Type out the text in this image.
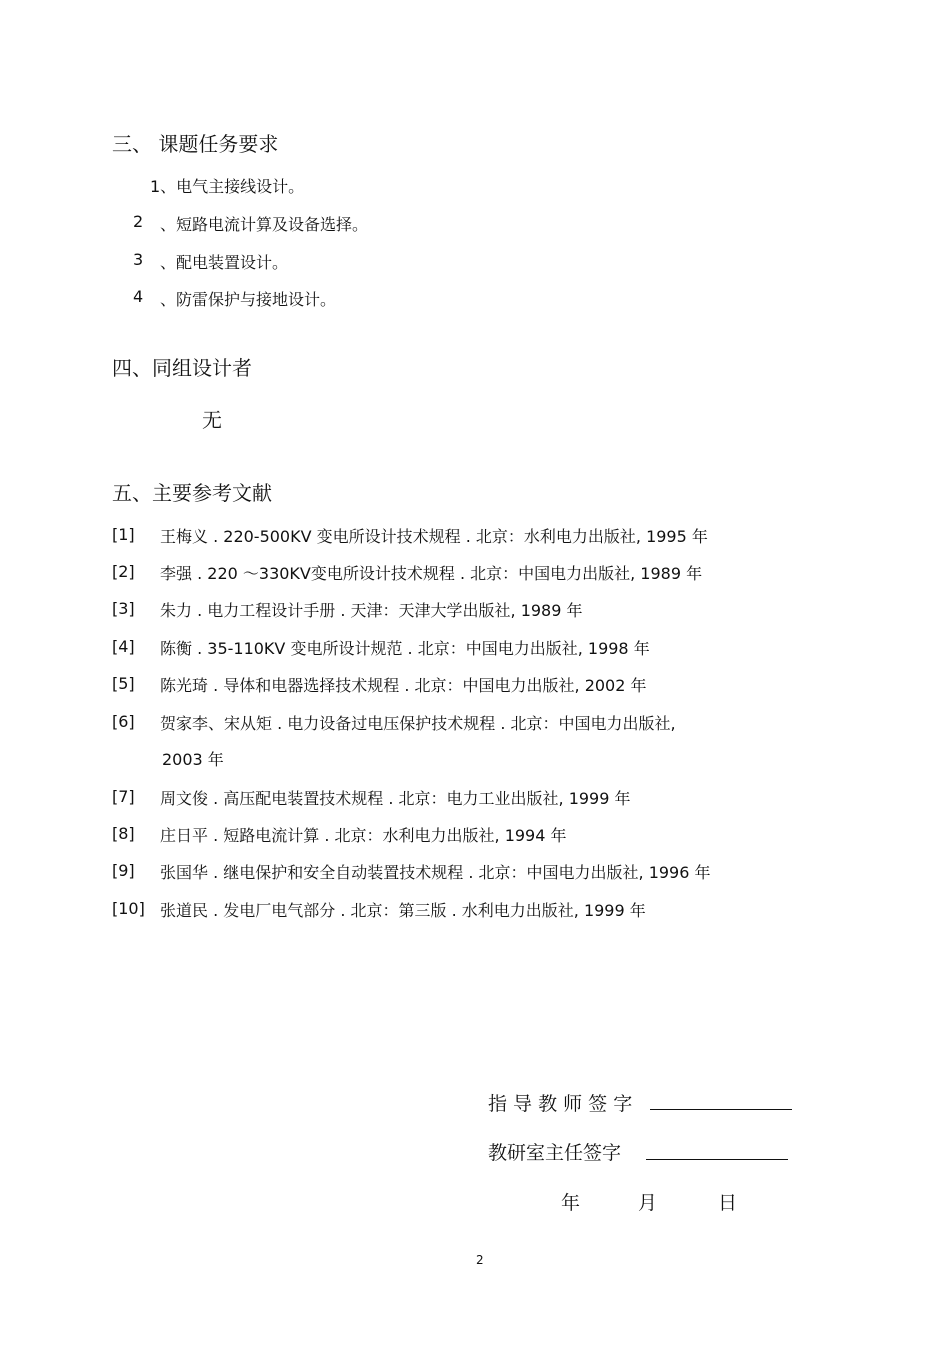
三、 课题任务要求
1、电气主接线设计。
2 、短路电流计算及设备选择。
3 、配电装置设计。
4 、防雷保护与接地设计。
四、同组设计者
无
五、主要参考文献
[1] 王梅义 . 220-500KV 变电所设计技术规程 . 北京：水利电力出版社, 1995 年
[2] 李强 . 220 ～330KV变电所设计技术规程 . 北京：中国电力出版社, 1989 年
[3] 朱力 . 电力工程设计手册 . 天津：天津大学出版社, 1989 年
[4] 陈衡 . 35-110KV 变电所设计规范 . 北京：中国电力出版社, 1998 年
[5] 陈光琦 . 导体和电器选择技术规程 . 北京：中国电力出版社, 2002 年
[6] 贺家李、宋从矩 . 电力设备过电压保护技术规程 . 北京：中国电力出版社,
2003 年
[7] 周文俊 . 高压配电装置技术规程 . 北京：电力工业出版社, 1999 年
[8] 庄日平 . 短路电流计算 . 北京：水利电力出版社, 1994 年
[9] 张国华 . 继电保护和安全自动装置技术规程 . 北京：中国电力出版社, 1996 年
[10] 张道民 . 发电厂电气部分 . 北京：第三版 . 水利电力出版社, 1999 年
指 导 教 师 签 字
教研室主任签字
年	月	日
2
